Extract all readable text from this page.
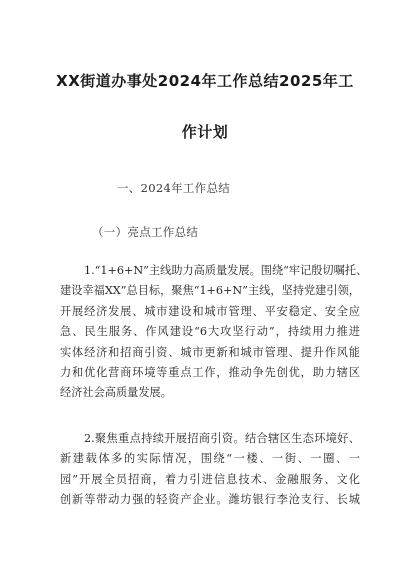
XX街道办事处2024年工作总结2025年工
作计划
一、2024年工作总结
（一）亮点工作总结
1.“1+6+N”主线助力高质量发展。围绕“牢记殷切嘱托、
建设幸福XX”总目标，聚焦“1+6+N”主线，坚持党建引领，
开展经济发展、城市建设和城市管理、平安稳定、安全应
急、民生服务、作风建设“6大攻坚行动”，持续用力推进
实体经济和招商引资、城市更新和城市管理、提升作风能
力和优化营商环境等重点工作，推动争先创优，助力辖区
经济社会高质量发展。
2.聚焦重点持续开展招商引资。结合辖区生态环境好、
新建载体多的实际情况，围绕“一楼、一街、一圈、一
园”开展全员招商，着力引进信息技术、金融服务、文化
创新等带动力强的轻资产企业。潍坊银行李沧支行、长城
